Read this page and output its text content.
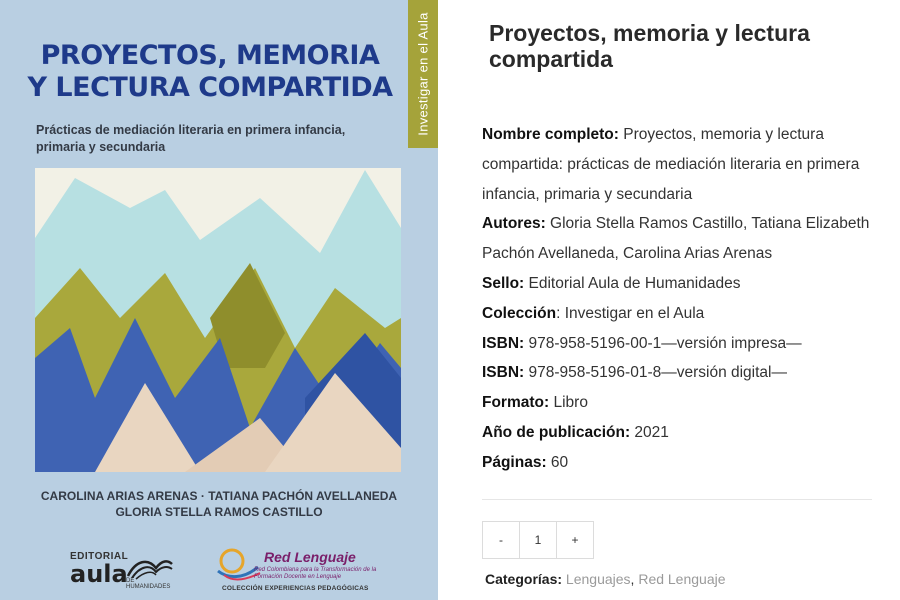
Investigar en el Aula
PROYECTOS, MEMORIA
Y LECTURA COMPARTIDA
Prácticas de mediación literaria en primera infancia,
primaria y secundaria
CAROLINA ARIAS ARENAS · TATIANA PACHÓN AVELLANEDA
GLORIA STELLA RAMOS CASTILLO
EDITORIAL
aula
DE HUMANIDADES
Red Lenguaje
Red Colombiana para la Transformación de la Formación Docente en Lenguaje
COLECCIÓN EXPERIENCIAS PEDAGÓGICAS
Proyectos, memoria y lectura compartida

Nombre completo: Proyectos, memoria y lectura compartida: prácticas de mediación literaria en primera infancia, primaria y secundaria

Autores: Gloria Stella Ramos Castillo, Tatiana Elizabeth Pachón Avellaneda, Carolina Arias Arenas

Sello: Editorial Aula de Humanidades

Colección: Investigar en el Aula

ISBN: 978-958-5196-00-1—versión impresa—

ISBN: 978-958-5196-01-8—versión digital—

Formato: Libro

Año de publicación: 2021

Páginas: 60

-	1	+
Categorías: Lenguajes, Red Lenguaje
